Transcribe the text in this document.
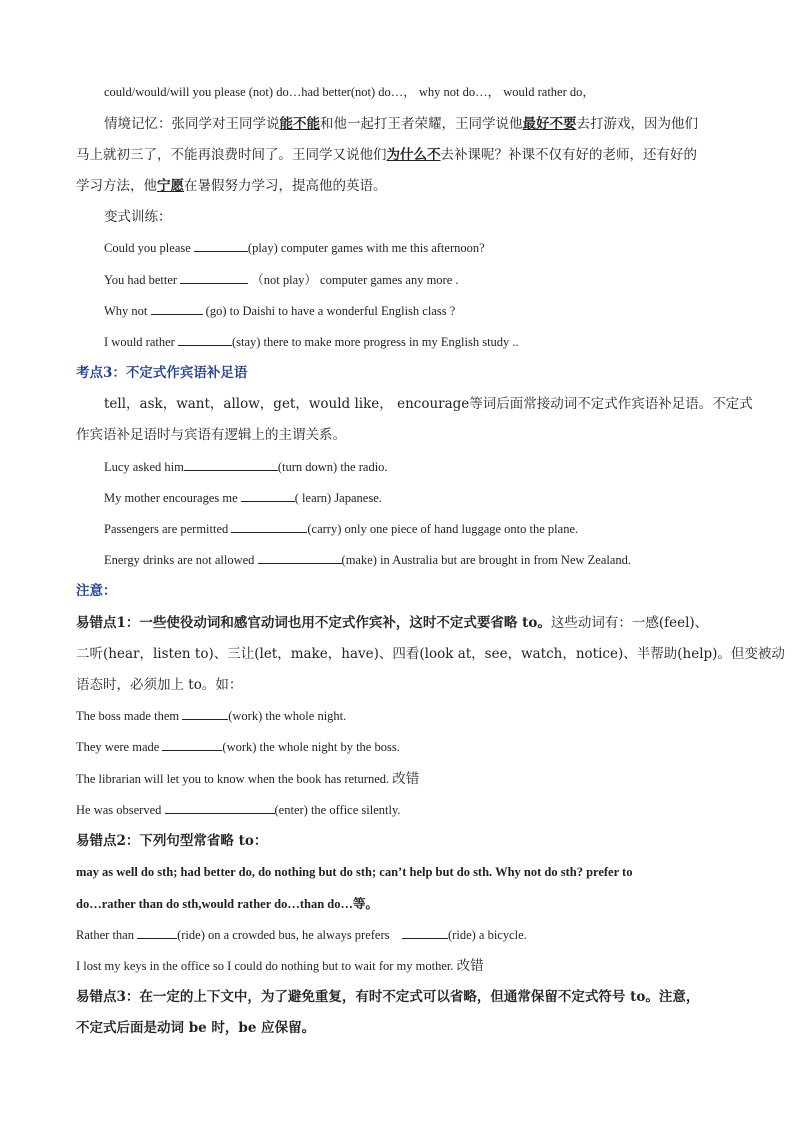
could/would/will you please (not) do…had better(not) do…， why not do…， would rather do，
情境记忆：张同学对王同学说能不能和他一起打王者荣耀，王同学说他最好不要去打游戏，因为他们
马上就初三了，不能再浪费时间了。王同学又说他们为什么不去补课呢？补课不仅有好的老师，还有好的
学习方法，他宁愿在暑假努力学习，提高他的英语。
变式训练：
Could you please	(play) computer games with me this afternoon?
You had better	（not play） computer games any more .
Why not	(go) to Daishi to have a wonderful English class ?
I would rather	(stay) there to make more progress in my English study ..
考点3：不定式作宾语补足语
tell，ask，want，allow，get，would like， encourage等词后面常接动词不定式作宾语补足语。不定式
作宾语补足语时与宾语有逻辑上的主谓关系。
Lucy asked him	(turn down) the radio.
My mother encourages me	( learn) Japanese.
Passengers are permitted	(carry) only one piece of hand luggage onto the plane.
Energy drinks are not allowed	(make) in Australia but are brought in from New Zealand.
注意：
易错点1：一些使役动词和感官动词也用不定式作宾补，这时不定式要省略 to。这些动词有：一感(feel)、
二听(hear，listen to)、三让(let，make，have)、四看(look at，see，watch，notice)、半帮助(help)。但变被动
语态时，必须加上 to。如：
The boss made them	(work) the whole night.
They were made	(work) the whole night by the boss.
The librarian will let you to know when the book has returned. 改错
He was observed	(enter) the office silently.
易错点2：下列句型常省略 to：
may as well do sth; had better do, do nothing but do sth; can’t help but do sth. Why not do sth? prefer to
do…rather than do sth,would rather do…than do…等。
Rather than	(ride) on a crowded bus, he always prefers	(ride) a bicycle.
I lost my keys in the office so I could do nothing but to wait for my mother. 改错
易错点3：在一定的上下文中，为了避免重复，有时不定式可以省略，但通常保留不定式符号 to。注意，
不定式后面是动词 be 时，be 应保留。
